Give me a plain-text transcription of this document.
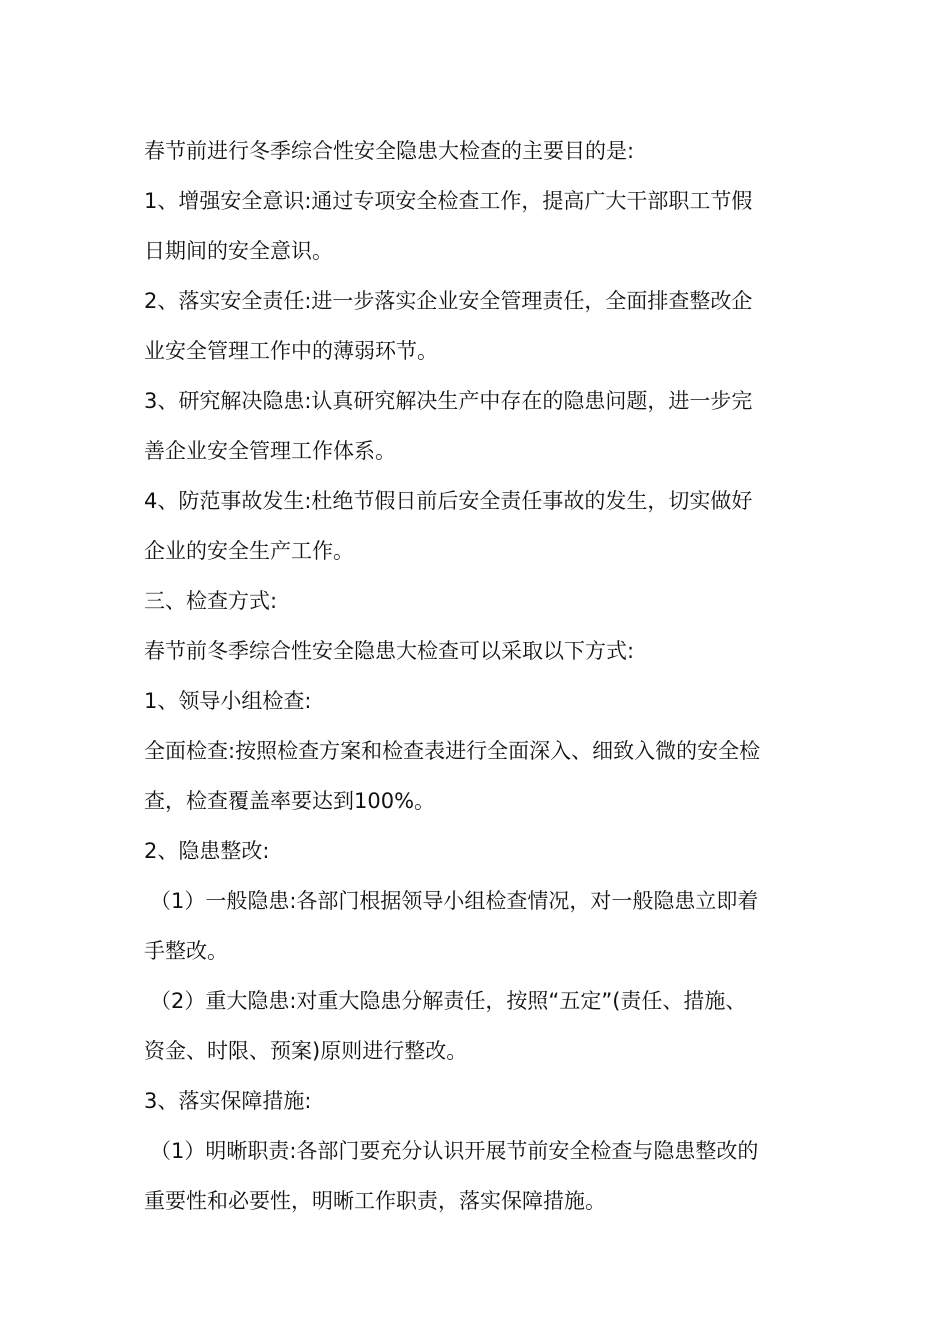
春节前进行冬季综合性安全隐患大检查的主要目的是:

1、增强安全意识:通过专项安全检查工作，提高广大干部职工节假

日期间的安全意识。

2、落实安全责任:进一步落实企业安全管理责任，全面排查整改企

业安全管理工作中的薄弱环节。

3、研究解决隐患:认真研究解决生产中存在的隐患问题，进一步完

善企业安全管理工作体系。

4、防范事故发生:杜绝节假日前后安全责任事故的发生，切实做好

企业的安全生产工作。

三、检查方式:

春节前冬季综合性安全隐患大检查可以采取以下方式:

1、领导小组检查:

全面检查:按照检查方案和检查表进行全面深入、细致入微的安全检

查，检查覆盖率要达到100%。

2、隐患整改:

（1）一般隐患:各部门根据领导小组检查情况，对一般隐患立即着

手整改。

（2）重大隐患:对重大隐患分解责任，按照“五定”(责任、措施、

资金、时限、预案)原则进行整改。

3、落实保障措施:

（1）明晰职责:各部门要充分认识开展节前安全检查与隐患整改的

重要性和必要性，明晰工作职责，落实保障措施。
